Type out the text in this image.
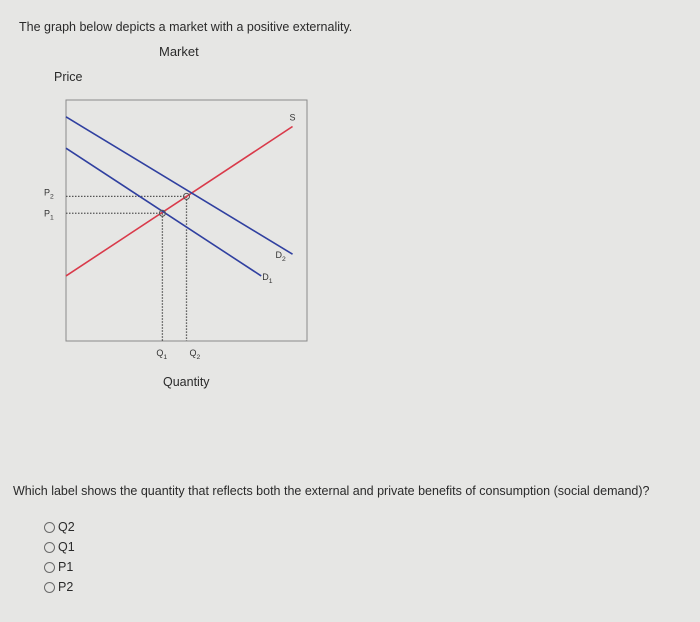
The graph below depicts a market with a positive externality.

Market

Price
Quantity
S
$D_1$
$D_2$
$P_1$
$P_2$
$Q_1$ $Q_2$

Which label shows the quantity that reflects both the external and private benefits of consumption (social demand)?

Q2
Q1
P1
P2
